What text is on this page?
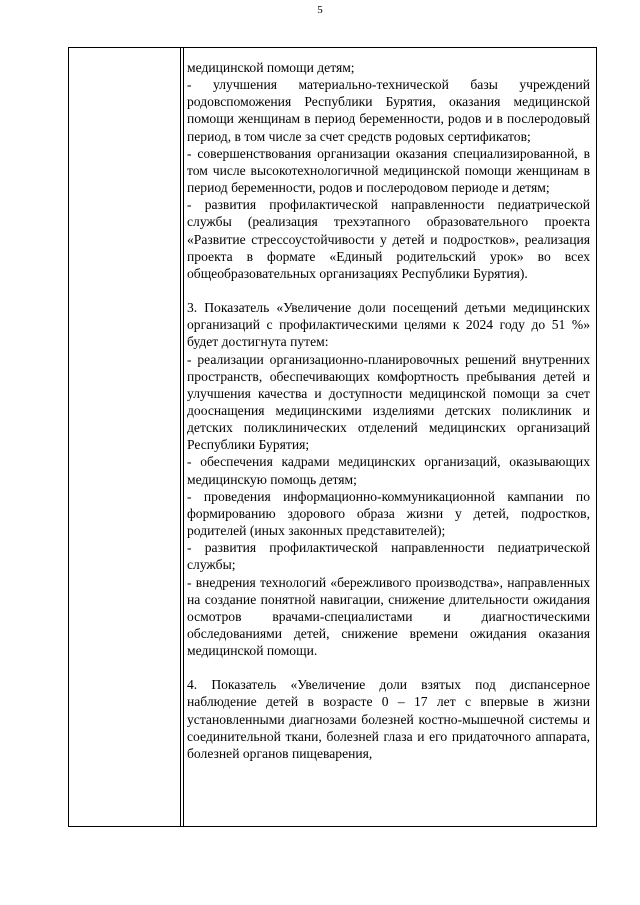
5

медицинской помощи детям;

- улучшения материально-технической базы учреждений родовспоможения Республики Бурятия, оказания медицинской помощи женщинам в период беременности, родов и в послеродовый период, в том числе за счет средств родовых сертификатов;

- совершенствования организации оказания специализированной, в том числе высокотехнологичной медицинской помощи женщинам в период беременности, родов и послеродовом периоде и детям;

- развития профилактической направленности педиатрической службы (реализация трехэтапного образовательного проекта «Развитие стрессоустойчивости у детей и подростков», реализация проекта в формате «Единый родительский урок» во всех общеобразовательных организациях Республики Бурятия).

3. Показатель «Увеличение доли посещений детьми медицинских организаций с профилактическими целями к 2024 году до 51 %» будет достигнута путем:

- реализации организационно-планировочных решений внутренних пространств, обеспечивающих комфортность пребывания детей и улучшения качества и доступности медицинской помощи за счет дооснащения медицинскими изделиями детских поликлиник и детских поликлинических отделений медицинских организаций Республики Бурятия;

- обеспечения кадрами медицинских организаций, оказывающих медицинскую помощь детям;

- проведения информационно-коммуникационной кампании по формированию здорового образа жизни у детей, подростков, родителей (иных законных представителей);

- развития профилактической направленности педиатрической службы;

- внедрения технологий «бережливого производства», направленных на создание понятной навигации, снижение длительности ожидания осмотров врачами-специалистами и диагностическими обследованиями детей, снижение времени ожидания оказания медицинской помощи.

4. Показатель «Увеличение доли взятых под диспансерное наблюдение детей в возрасте 0 – 17 лет с впервые в жизни установленными диагнозами болезней костно-мышечной системы и соединительной ткани, болезней глаза и его придаточного аппарата, болезней органов пищеварения,
